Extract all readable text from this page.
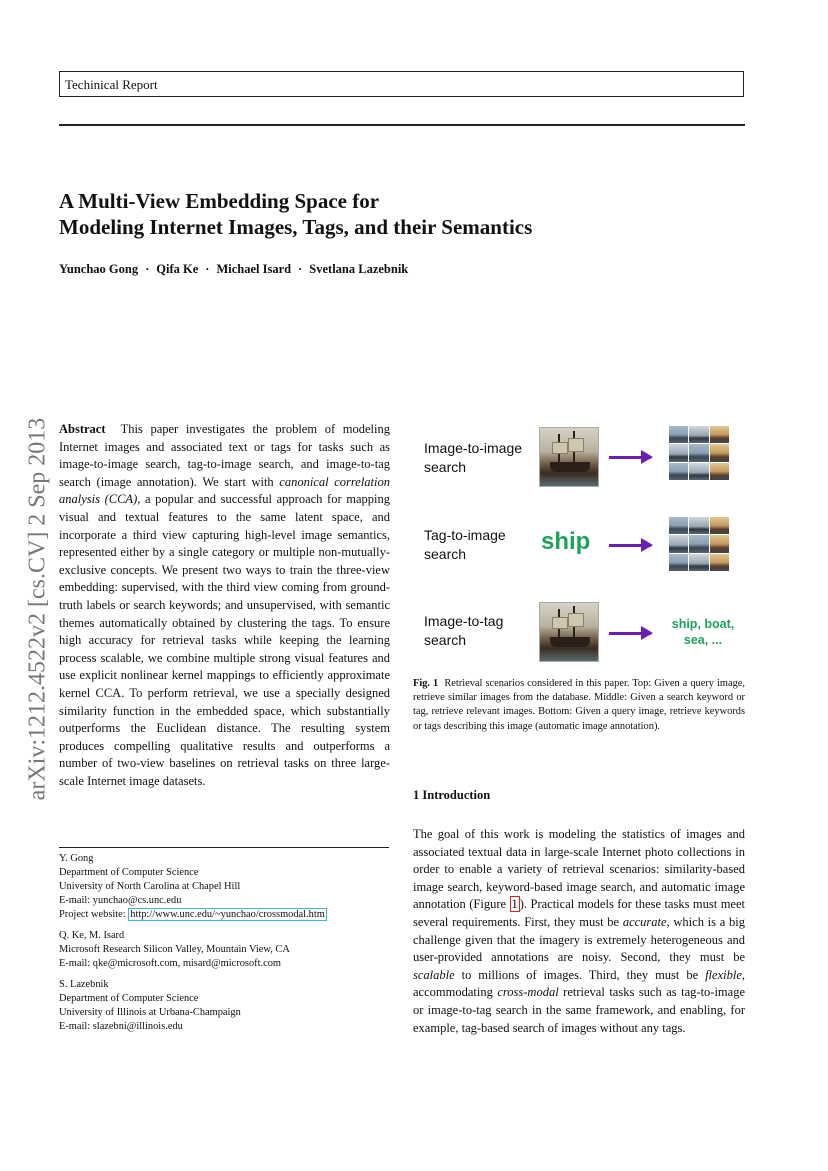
Techinical Report
A Multi-View Embedding Space for
Modeling Internet Images, Tags, and their Semantics
Yunchao Gong · Qifa Ke · Michael Isard · Svetlana Lazebnik
arXiv:1212.4522v2 [cs.CV] 2 Sep 2013 Abstract This paper investigates the problem of modeling Internet images and associated text or tags for tasks such as image-to-image search, tag-to-image search, and image-to-tag search (image annotation). We start with canonical correlation analysis (CCA), a popular and successful approach for mapping visual and textual features to the same latent space, and incorporate a third view capturing high-level image semantics, represented either by a single category or multiple non-mutually-exclusive concepts. We present two ways to train the three-view embedding: supervised, with the third view coming from ground-truth labels or search keywords; and unsupervised, with semantic themes automatically obtained by clustering the tags. To ensure high accuracy for retrieval tasks while keeping the learning process scalable, we combine multiple strong visual features and use explicit nonlinear kernel mappings to efficiently approximate kernel CCA. To perform retrieval, we use a specially designed similarity function in the embedded space, which substantially outperforms the Euclidean distance. The resulting system produces compelling qualitative results and outperforms a number of two-view baselines on retrieval tasks on three large-scale Internet image datasets.
Y. Gong
Department of Computer Science
University of North Carolina at Chapel Hill
E-mail: yunchao@cs.unc.edu
Project website: http://www.unc.edu/~yunchao/crossmodal.htm
Q. Ke, M. Isard
Microsoft Research Silicon Valley, Mountain View, CA
E-mail: qke@microsoft.com, misard@microsoft.com
S. Lazebnik
Department of Computer Science
University of Illinois at Urbana-Champaign
E-mail: slazebni@illinois.edu
Image-to-image
search
Tag-to-image
search	ship
Image-to-tag
search
ship, boat,
sea, ...
Fig. 1 Retrieval scenarios considered in this paper. Top: Given a query image, retrieve similar images from the database. Middle: Given a search keyword or tag, retrieve relevant images. Bottom: Given a query image, retrieve keywords or tags describing this image (automatic image annotation).
1 Introduction
The goal of this work is modeling the statistics of images and associated textual data in large-scale Internet photo collections in order to enable a variety of retrieval scenarios: similarity-based image search, keyword-based image search, and automatic image annotation (Figure 1 ). Practical models for these tasks must meet several requirements. First, they must be accurate, which is a big challenge given that the imagery is extremely heterogeneous and user-provided annotations are noisy. Second, they must be scalable to millions of images. Third, they must be flexible, accommodating cross-modal retrieval tasks such as tag-to-image or image-to-tag search in the same framework, and enabling, for example, tag-based search of images without any tags.
